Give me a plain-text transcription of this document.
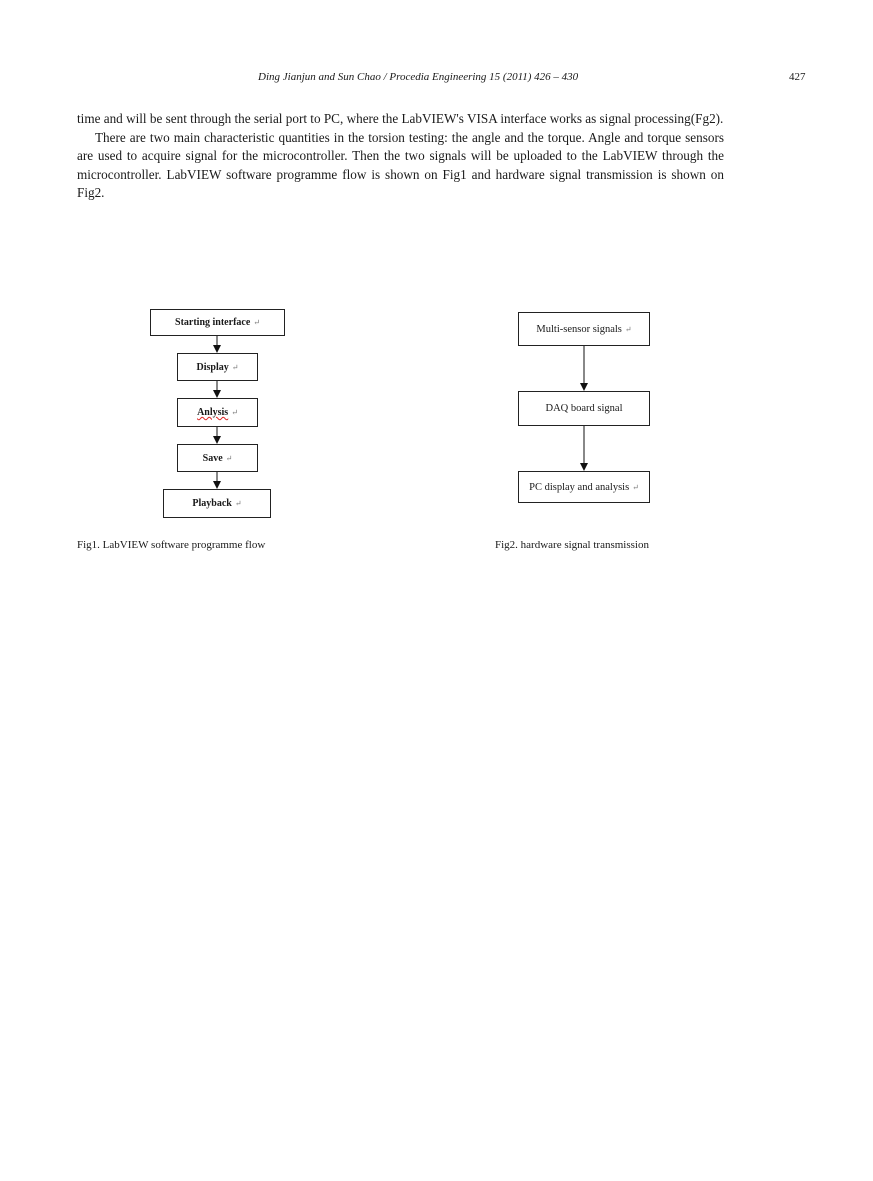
Ding Jianjun and Sun Chao / Procedia Engineering 15 (2011) 426 – 430	427

time and will be sent through the serial port to PC, where the LabVIEW's VISA interface works as signal processing(Fg2).

There are two main characteristic quantities in the torsion testing: the angle and the torque. Angle and torque sensors are used to acquire signal for the microcontroller. Then the two signals will be uploaded to the LabVIEW through the microcontroller. LabVIEW software programme flow is shown on Fig1 and hardware signal transmission is shown on Fig2.

Starting interface ↵
Display ↵
Anlysis ↵
Save ↵
Playback ↵
Fig1. LabVIEW software programme flow
Multi-sensor signals ↵
DAQ board signal
PC display and analysis ↵
Fig2. hardware signal transmission
